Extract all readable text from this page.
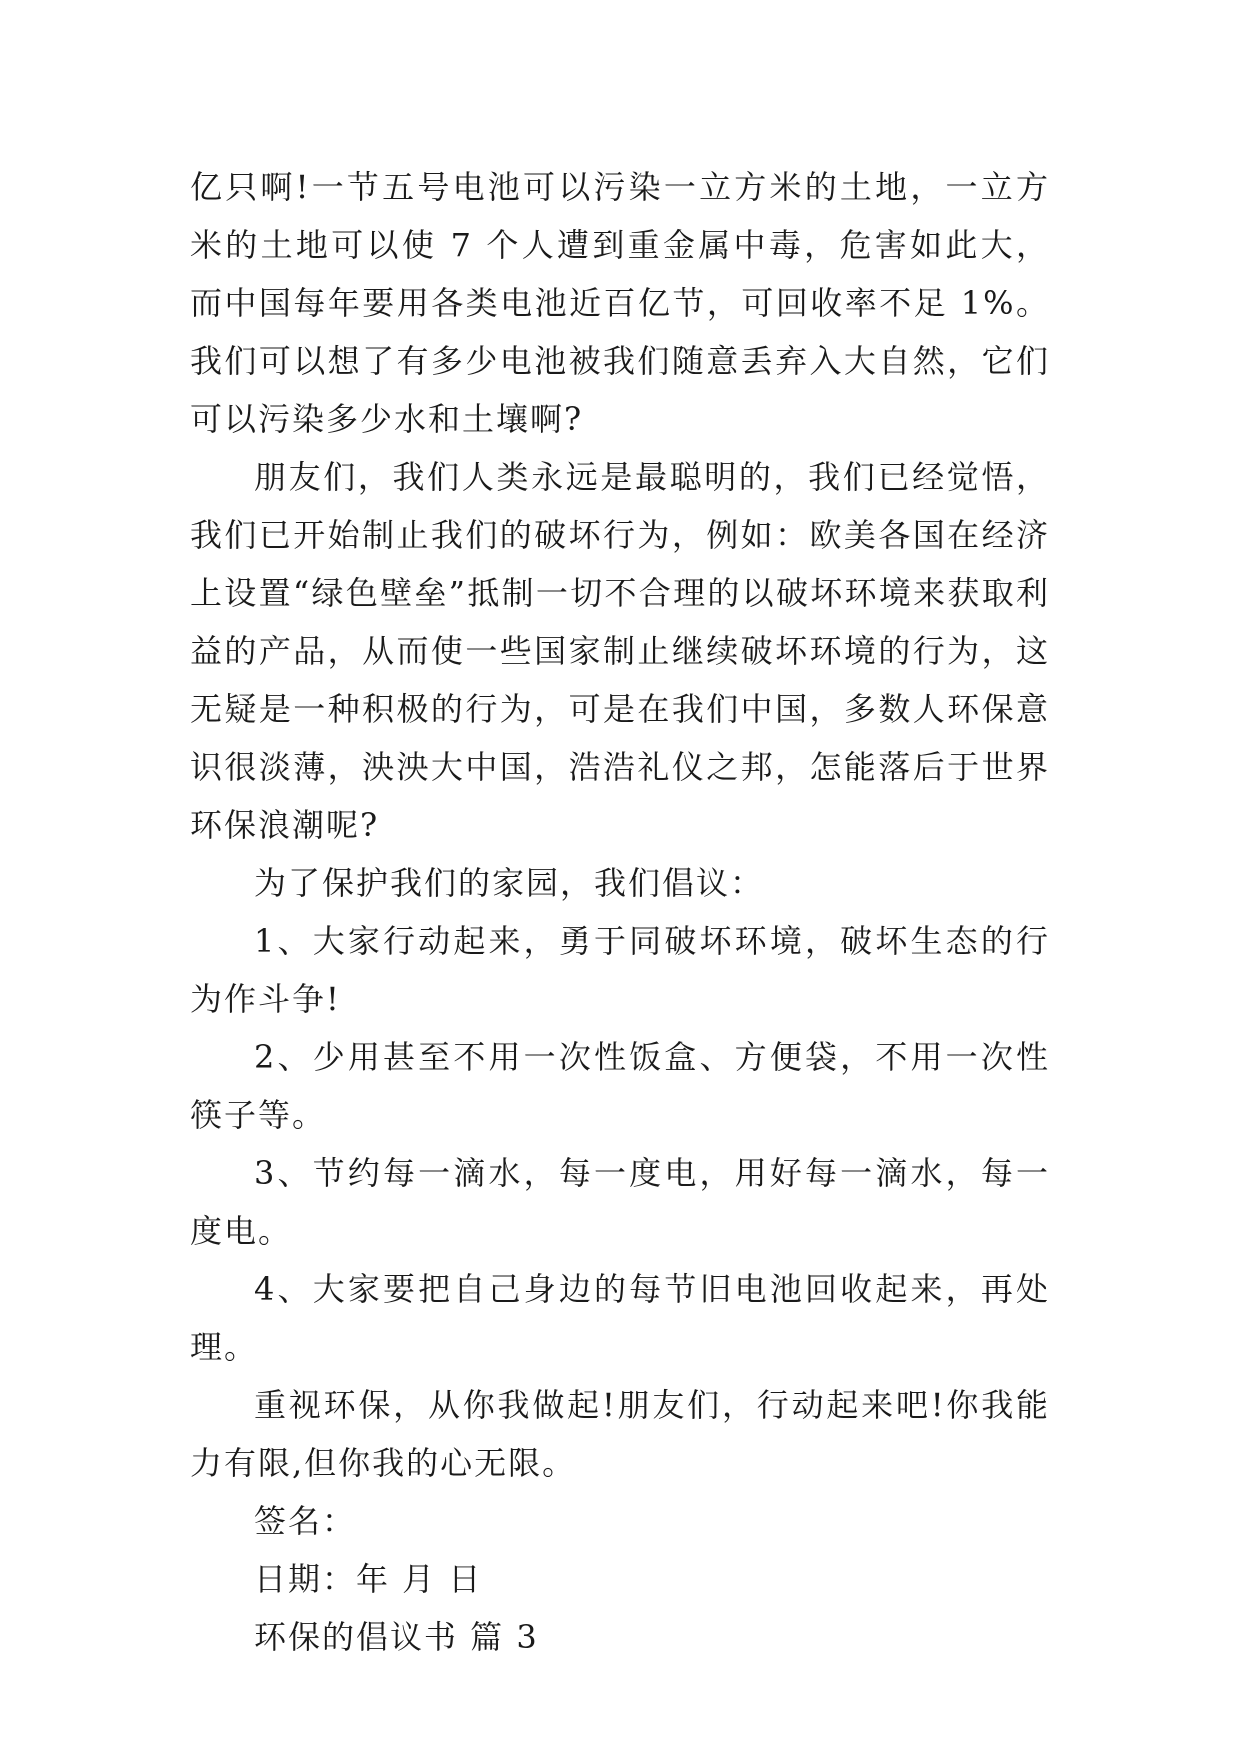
亿只啊!一节五号电池可以污染一立方米的土地，一立方米的土地可以使 7 个人遭到重金属中毒，危害如此大，而中国每年要用各类电池近百亿节，可回收率不足 1%。我们可以想了有多少电池被我们随意丢弃入大自然，它们可以污染多少水和土壤啊?

朋友们，我们人类永远是最聪明的，我们已经觉悟，我们已开始制止我们的破坏行为，例如：欧美各国在经济上设置“绿色壁垒”抵制一切不合理的以破坏环境来获取利益的产品，从而使一些国家制止继续破坏环境的行为，这无疑是一种积极的行为，可是在我们中国，多数人环保意识很淡薄，泱泱大中国，浩浩礼仪之邦，怎能落后于世界环保浪潮呢?

为了保护我们的家园，我们倡议：

1、大家行动起来，勇于同破坏环境，破坏生态的行为作斗争!

2、少用甚至不用一次性饭盒、方便袋，不用一次性筷子等。

3、节约每一滴水，每一度电，用好每一滴水，每一度电。

4、大家要把自己身边的每节旧电池回收起来，再处理。

重视环保，从你我做起!朋友们，行动起来吧!你我能力有限,但你我的心无限。

签名：

日期：年 月 日

环保的倡议书 篇 3
